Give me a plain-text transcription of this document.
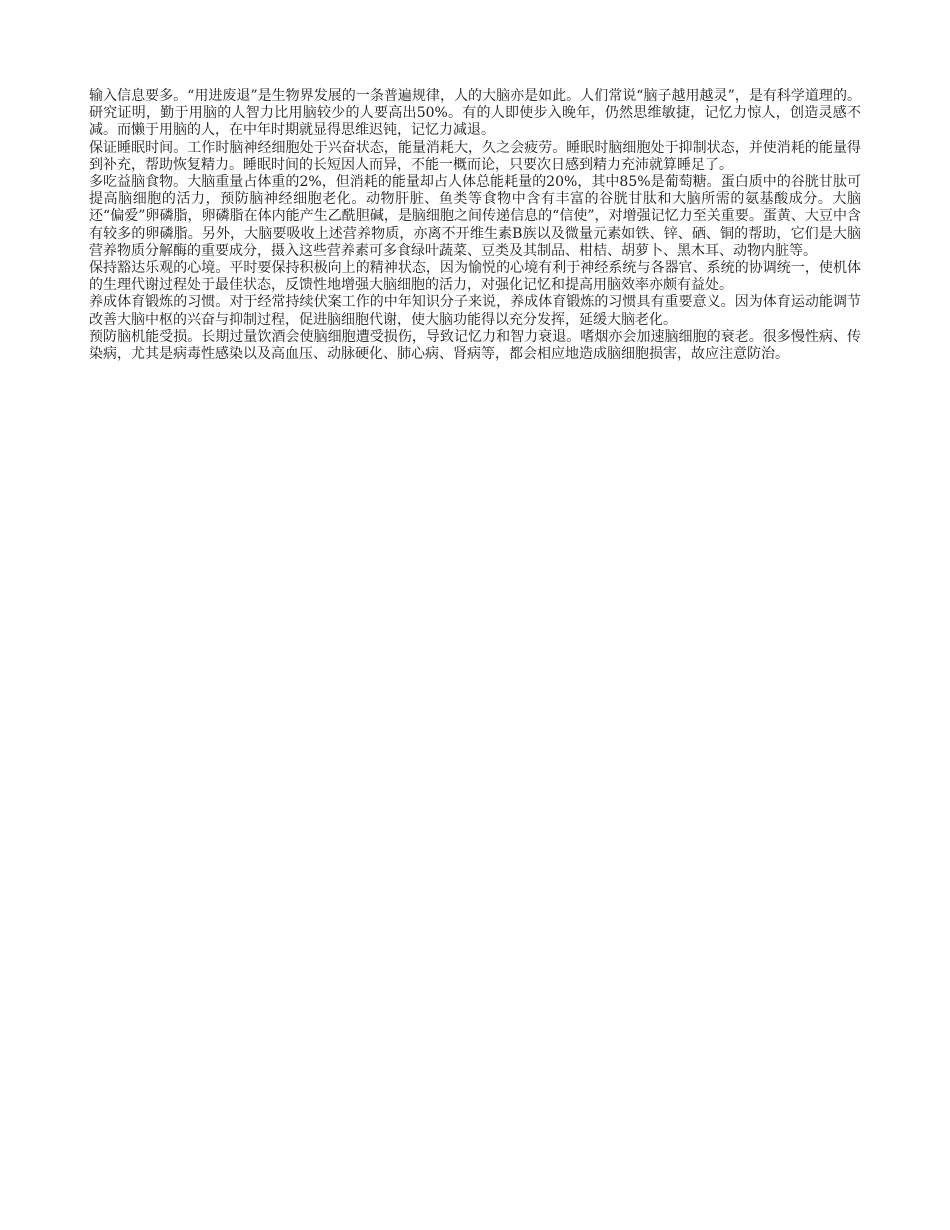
输入信息要多。“用进废退”是生物界发展的一条普遍规律，人的大脑亦是如此。人们常说“脑子越用越灵”，是有科学道理的。研究证明，勤于用脑的人智力比用脑较少的人要高出50%。有的人即使步入晚年，仍然思维敏捷，记忆力惊人，创造灵感不减。而懒于用脑的人，在中年时期就显得思维迟钝，记忆力减退。

保证睡眠时间。工作时脑神经细胞处于兴奋状态，能量消耗大，久之会疲劳。睡眠时脑细胞处于抑制状态，并使消耗的能量得到补充，帮助恢复精力。睡眠时间的长短因人而异，不能一概而论，只要次日感到精力充沛就算睡足了。

多吃益脑食物。大脑重量占体重的2%，但消耗的能量却占人体总能耗量的20%，其中85%是葡萄糖。蛋白质中的谷胱甘肽可提高脑细胞的活力，预防脑神经细胞老化。动物肝脏、鱼类等食物中含有丰富的谷胱甘肽和大脑所需的氨基酸成分。大脑还“偏爱”卵磷脂，卵磷脂在体内能产生乙酰胆碱，是脑细胞之间传递信息的“信使”，对增强记忆力至关重要。蛋黄、大豆中含有较多的卵磷脂。另外，大脑要吸收上述营养物质，亦离不开维生素B族以及微量元素如铁、锌、硒、铜的帮助，它们是大脑营养物质分解酶的重要成分，摄入这些营养素可多食绿叶蔬菜、豆类及其制品、柑桔、胡萝卜、黑木耳、动物内脏等。

保持豁达乐观的心境。平时要保持积极向上的精神状态，因为愉悦的心境有利于神经系统与各器官、系统的协调统一，使机体的生理代谢过程处于最佳状态，反馈性地增强大脑细胞的活力，对强化记忆和提高用脑效率亦颇有益处。

养成体育锻炼的习惯。对于经常持续伏案工作的中年知识分子来说，养成体育锻炼的习惯具有重要意义。因为体育运动能调节改善大脑中枢的兴奋与抑制过程，促进脑细胞代谢，使大脑功能得以充分发挥，延缓大脑老化。

预防脑机能受损。长期过量饮酒会使脑细胞遭受损伤，导致记忆力和智力衰退。嗜烟亦会加速脑细胞的衰老。很多慢性病、传染病，尤其是病毒性感染以及高血压、动脉硬化、肺心病、肾病等，都会相应地造成脑细胞损害，故应注意防治。
